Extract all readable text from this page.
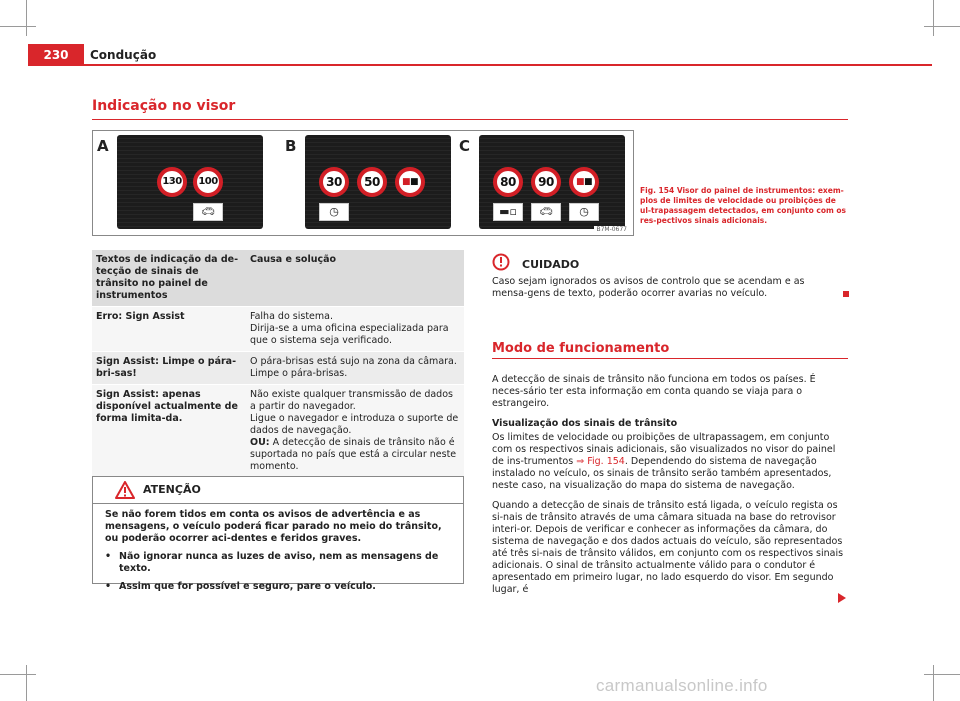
230	Condução
Indicação no visor
A
130	100
🚗︎
B
30	50	■■
◷
C
80	90	■■
▬▫	🚗︎	◷
B7M-0677
Fig. 154 Visor do painel de instrumentos: exem-plos de limites de velocidade ou proibições de ul-trapassagem detectados, em conjunto com os res-pectivos sinais adicionais.
Textos de indicação da de-tecção de sinais de trânsito no painel de instrumentos	Causa e solução
Erro: Sign Assist	Falha do sistema.
Dirija-se a uma oficina especializada para que o sistema seja verificado.

Sign Assist: Limpe o pára-bri-sas!	O pára-brisas está sujo na zona da câmara.
Limpe o pára-brisas.

Sign Assist: apenas disponível actualmente de forma limita-da.	Não existe qualquer transmissão de dados a partir do navegador.
Ligue o navegador e introduza o suporte de dados de navegação.
OU: A detecção de sinais de trânsito não é suportada no país que está a circular neste momento.
ATENÇÃO

Se não forem tidos em conta os avisos de advertência e as mensagens, o veículo poderá ficar parado no meio do trânsito, ou poderão ocorrer aci-dentes e feridos graves.

• Não ignorar nunca as luzes de aviso, nem as mensagens de texto.
• Assim que for possível e seguro, pare o veículo.
CUIDADO
Caso sejam ignorados os avisos de controlo que se acendam e as mensa-gens de texto, poderão ocorrer avarias no veículo.
Modo de funcionamento

A detecção de sinais de trânsito não funciona em todos os países. É neces-sário ter esta informação em conta quando se viaja para o estrangeiro.

Visualização dos sinais de trânsito

Os limites de velocidade ou proibições de ultrapassagem, em conjunto com os respectivos sinais adicionais, são visualizados no visor do painel de ins-trumentos ⇒ Fig. 154. Dependendo do sistema de navegação instalado no veículo, os sinais de trânsito serão também apresentados, neste caso, na visualização do mapa do sistema de navegação.

Quando a detecção de sinais de trânsito está ligada, o veículo regista os si-nais de trânsito através de uma câmara situada na base do retrovisor interi-or. Depois de verificar e conhecer as informações da câmara, do sistema de navegação e dos dados actuais do veículo, são representados até três si-nais de trânsito válidos, em conjunto com os respectivos sinais adicionais. O sinal de trânsito actualmente válido para o condutor é apresentado em primeiro lugar, no lado esquerdo do visor. Em segundo lugar, é

carmanualsonline.info
